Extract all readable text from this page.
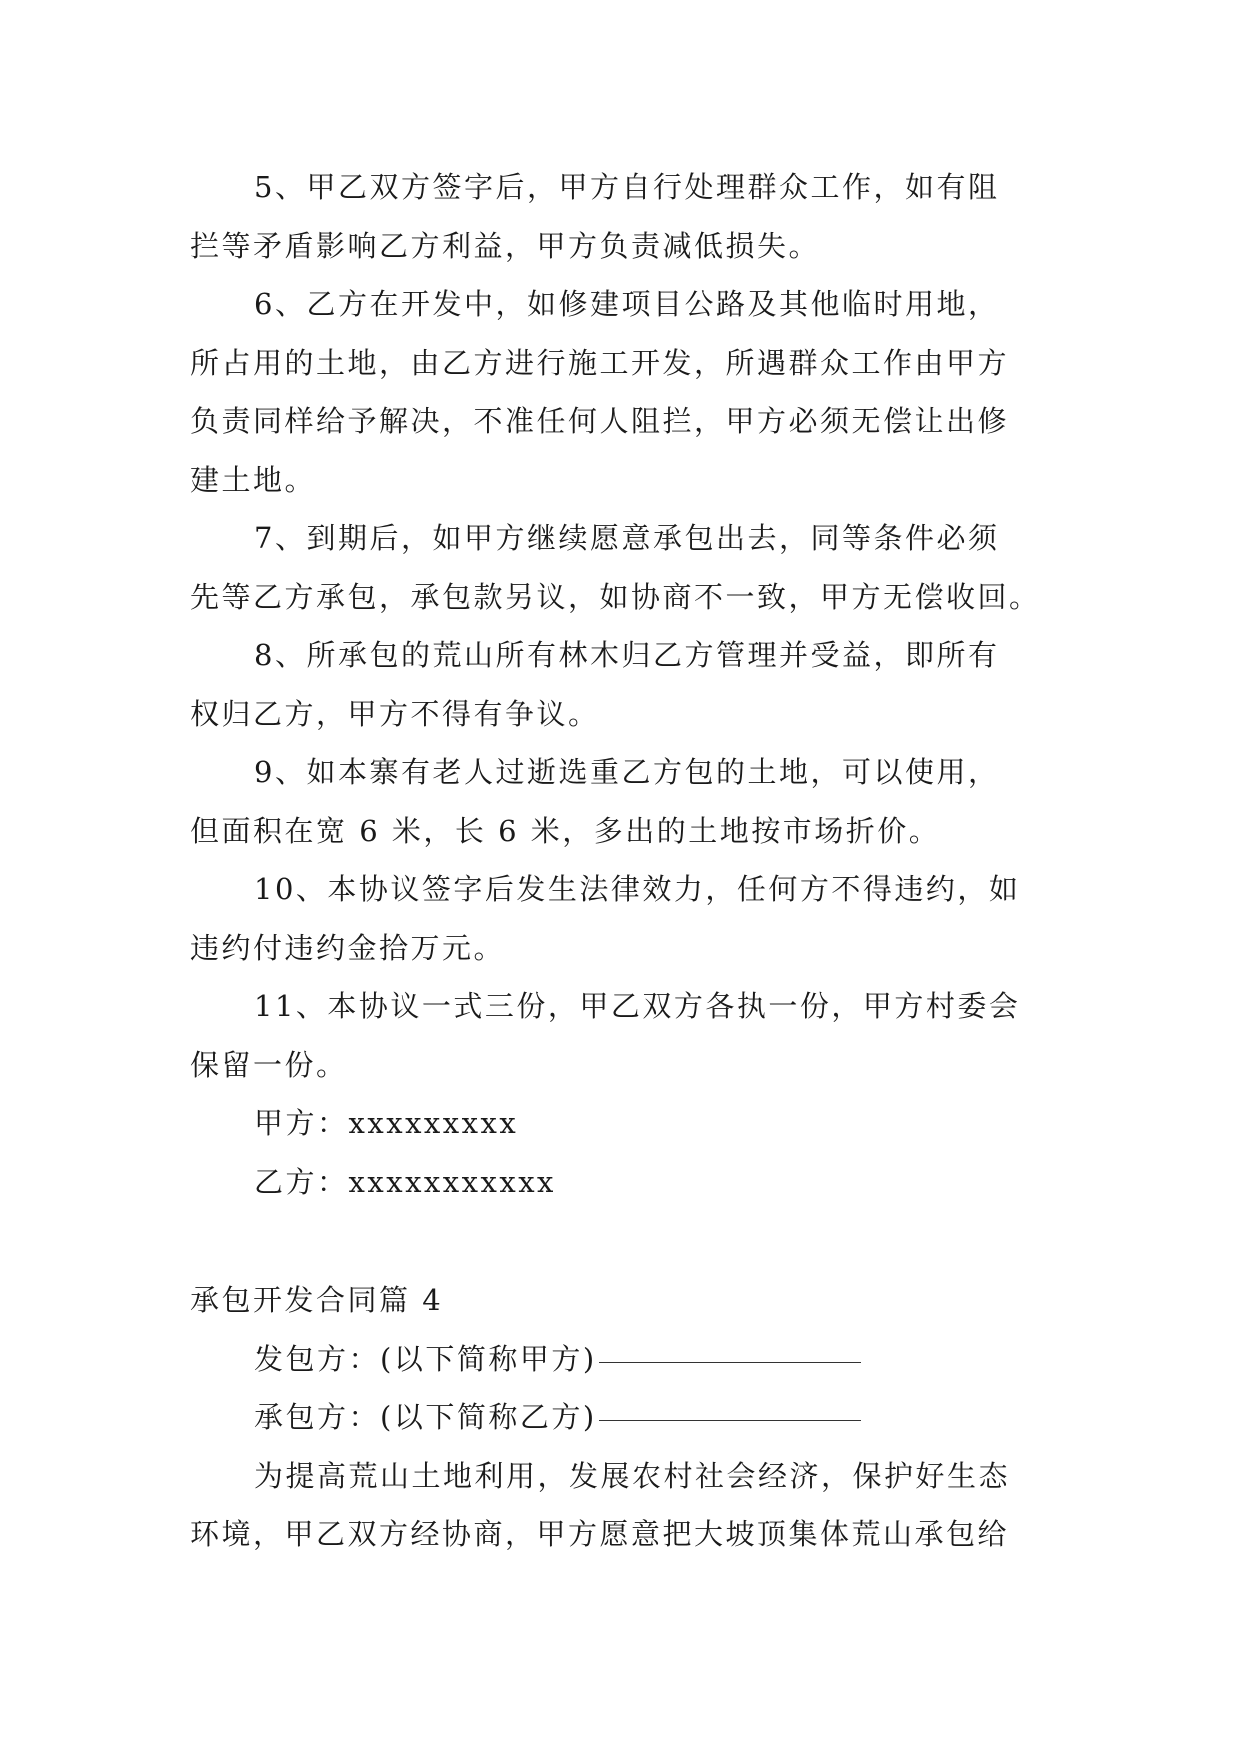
5、甲乙双方签字后，甲方自行处理群众工作，如有阻
拦等矛盾影响乙方利益，甲方负责减低损失。
6、乙方在开发中，如修建项目公路及其他临时用地，
所占用的土地，由乙方进行施工开发，所遇群众工作由甲方
负责同样给予解决，不准任何人阻拦，甲方必须无偿让出修
建土地。
7、到期后，如甲方继续愿意承包出去，同等条件必须
先等乙方承包，承包款另议，如协商不一致，甲方无偿收回。
8、所承包的荒山所有林木归乙方管理并受益，即所有
权归乙方，甲方不得有争议。
9、如本寨有老人过逝选重乙方包的土地，可以使用，
但面积在宽 6 米，长 6 米，多出的土地按市场折价。
10、本协议签字后发生法律效力，任何方不得违约，如
违约付违约金拾万元。
11、本协议一式三份，甲乙双方各执一份，甲方村委会
保留一份。
甲方：xxxxxxxxx
乙方：xxxxxxxxxxx
承包开发合同篇 4
发包方：(以下简称甲方)
承包方：(以下简称乙方)
为提高荒山土地利用，发展农村社会经济，保护好生态
环境，甲乙双方经协商，甲方愿意把大坡顶集体荒山承包给
